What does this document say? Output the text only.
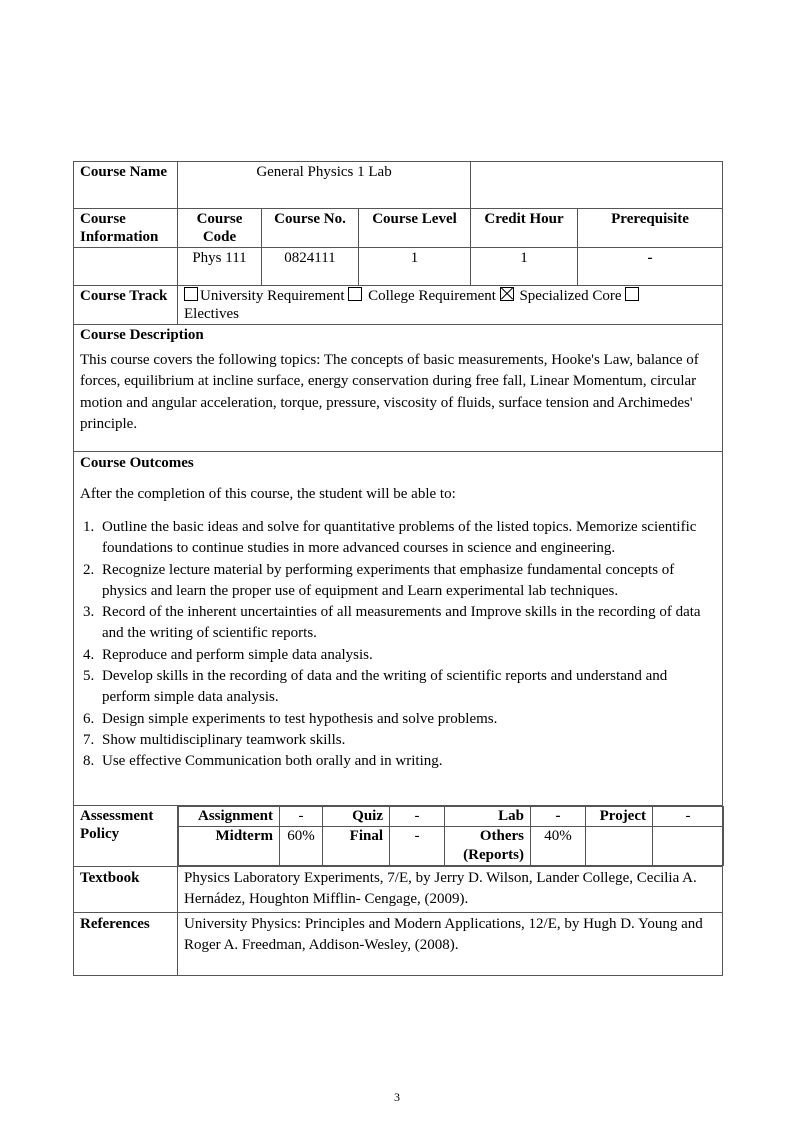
Course Name	General Physics 1 Lab	
Course Information	Course Code	Course No.	Course Level	Credit Hour	Prerequisite
	Phys 111	0824111	1	1	-
Course Track	University Requirement College Requirement Specialized Core
Electives

Course Description

This course covers the following topics: The concepts of basic measurements, Hooke's Law, balance of forces, equilibrium at incline surface, energy conservation during free fall, Linear Momentum, circular motion and angular acceleration, torque, pressure, viscosity of fluids, surface tension and Archimedes' principle.

Course Outcomes
After the completion of this course, the student will be able to:
1. Outline the basic ideas and solve for quantitative problems of the listed topics. Memorize scientific foundations to continue studies in more advanced courses in science and engineering.
2. Recognize lecture material by performing experiments that emphasize fundamental concepts of physics and learn the proper use of equipment and Learn experimental lab techniques.
3. Record of the inherent uncertainties of all measurements and Improve skills in the recording of data and the writing of scientific reports.
4. Reproduce and perform simple data analysis.
5. Develop skills in the recording of data and the writing of scientific reports and understand and perform simple data analysis.
6. Design simple experiments to test hypothesis and solve problems.
7. Show multidisciplinary teamwork skills.
8. Use effective Communication both orally and in writing.

Assessment Policy	
Assignment	-	Quiz	-	Lab	-	Project	-
Midterm	60%	Final	-	Others (Reports)	40%		

Textbook	Physics Laboratory Experiments, 7/E, by Jerry D. Wilson, Lander College, Cecilia A. Hernádez, Houghton Mifflin- Cengage, (2009).
References	University Physics: Principles and Modern Applications, 12/E, by Hugh D. Young and Roger A. Freedman, Addison-Wesley, (2008).
3
